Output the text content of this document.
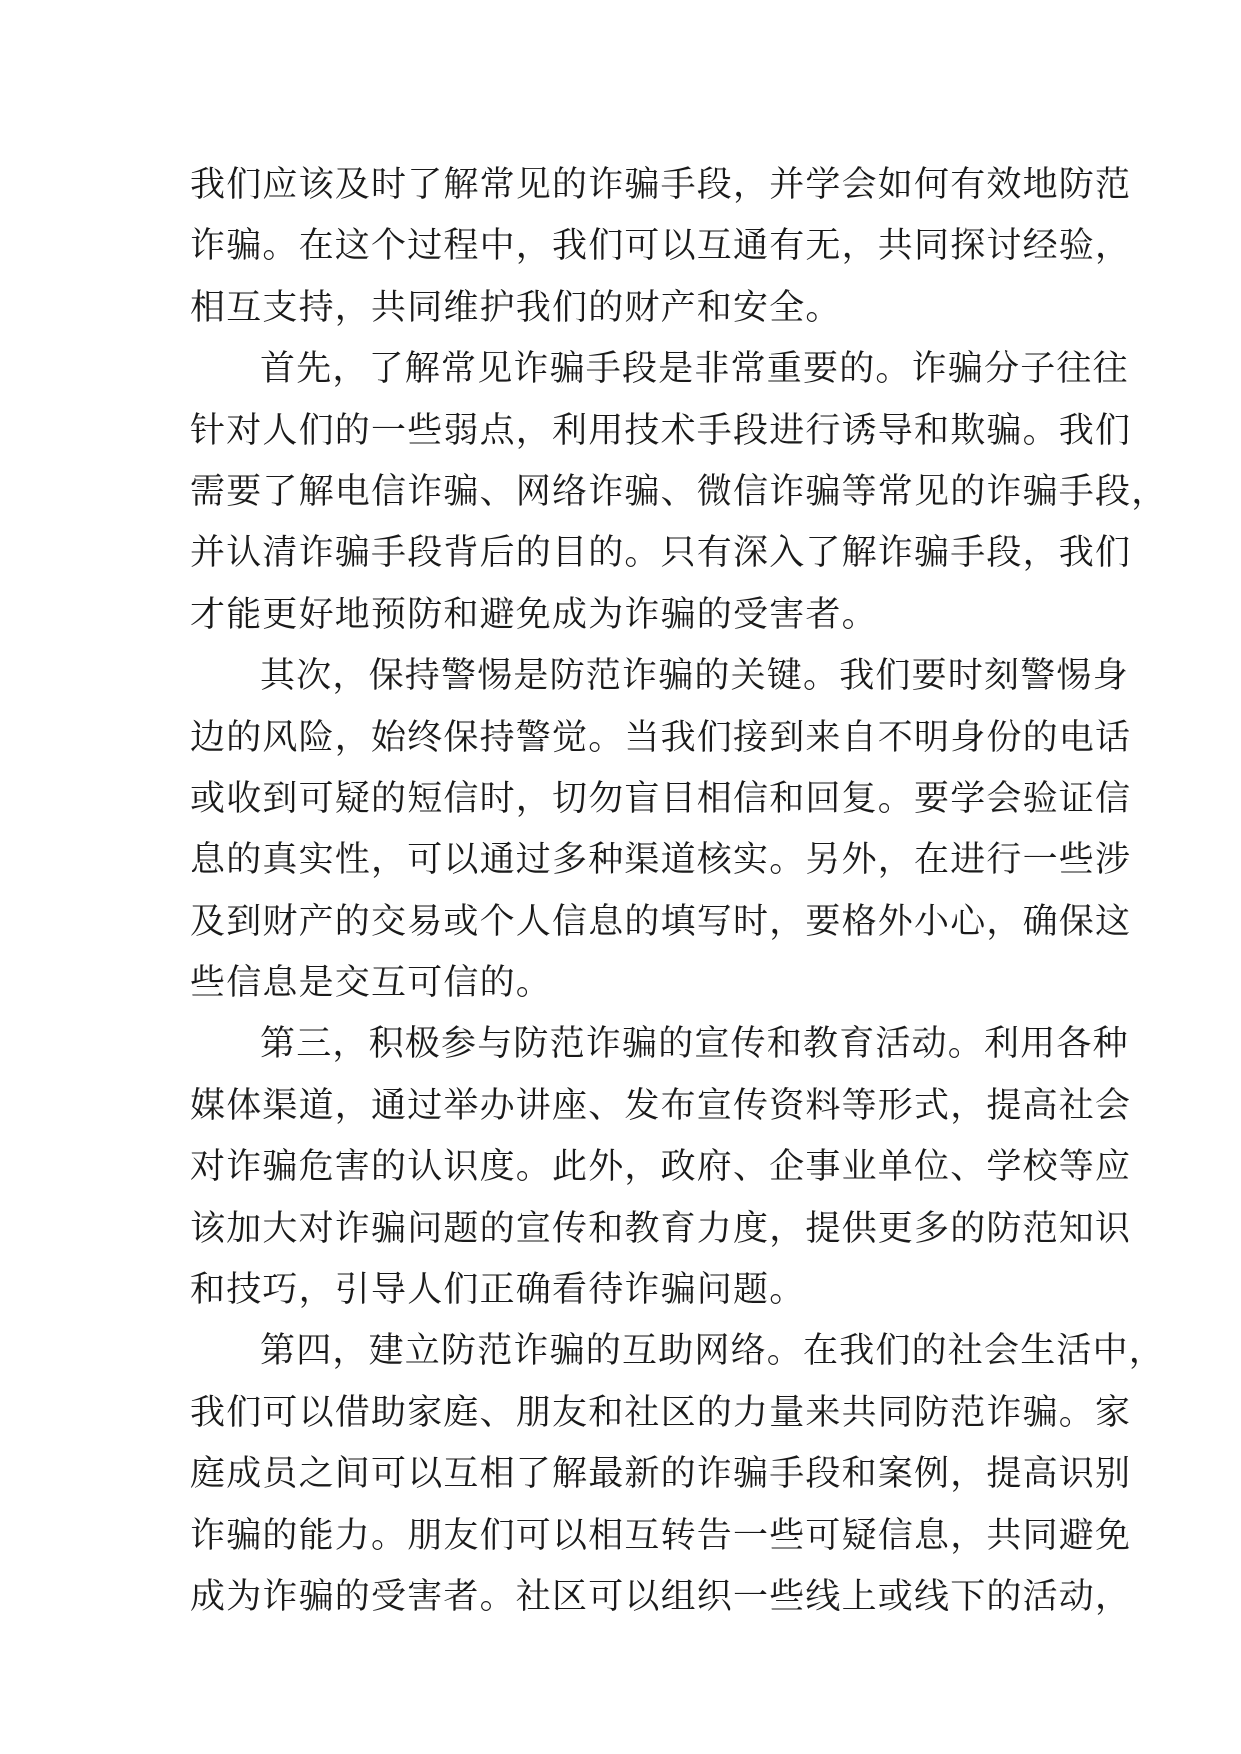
我们应该及时了解常见的诈骗手段，并学会如何有效地防范
诈骗。在这个过程中，我们可以互通有无，共同探讨经验，
相互支持，共同维护我们的财产和安全。
首先，了解常见诈骗手段是非常重要的。诈骗分子往往
针对人们的一些弱点，利用技术手段进行诱导和欺骗。我们
需要了解电信诈骗、网络诈骗、微信诈骗等常见的诈骗手段，
并认清诈骗手段背后的目的。只有深入了解诈骗手段，我们
才能更好地预防和避免成为诈骗的受害者。
其次，保持警惕是防范诈骗的关键。我们要时刻警惕身
边的风险，始终保持警觉。当我们接到来自不明身份的电话
或收到可疑的短信时，切勿盲目相信和回复。要学会验证信
息的真实性，可以通过多种渠道核实。另外，在进行一些涉
及到财产的交易或个人信息的填写时，要格外小心，确保这
些信息是交互可信的。
第三，积极参与防范诈骗的宣传和教育活动。利用各种
媒体渠道，通过举办讲座、发布宣传资料等形式，提高社会
对诈骗危害的认识度。此外，政府、企事业单位、学校等应
该加大对诈骗问题的宣传和教育力度，提供更多的防范知识
和技巧，引导人们正确看待诈骗问题。
第四，建立防范诈骗的互助网络。在我们的社会生活中，
我们可以借助家庭、朋友和社区的力量来共同防范诈骗。家
庭成员之间可以互相了解最新的诈骗手段和案例，提高识别
诈骗的能力。朋友们可以相互转告一些可疑信息，共同避免
成为诈骗的受害者。社区可以组织一些线上或线下的活动，
